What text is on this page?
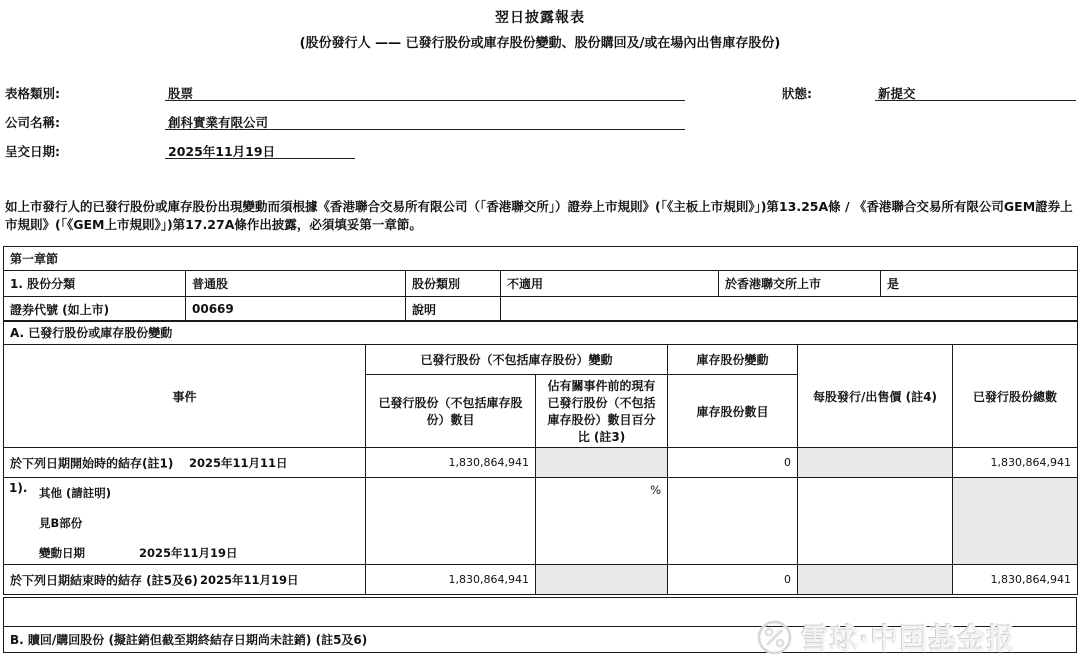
翌日披露報表
(股份發行人 —— 已發行股份或庫存股份變動、股份購回及/或在場內出售庫存股份)
表格類別:	股票	狀態:	新提交
公司名稱:	創科實業有限公司
呈交日期:	2025年11月19日
如上市發行人的已發行股份或庫存股份出現變動而須根據《香港聯合交易所有限公司（「香港聯交所」）證券上市規則》(「《主板上市規則》」)第13.25A條 / 《香港聯合交易所有限公司GEM證券上市規則》(「《GEM上市規則》」)第17.27A條作出披露，必須填妥第一章節。
第一章節					
1. 股份分類	普通股	股份類別	不適用	於香港聯交所上市	是
證券代號 (如上市)	00669	說明			
A. 已發行股份或庫存股份變動					
事件	已發行股份（不包括庫存股份）變動		庫存股份變動	每股發行/出售價 (註4)	已發行股份總數
	已發行股份（不包括庫存股份）數目	佔有關事件前的現有已發行股份（不包括庫存股份）數目百分比 (註3)	庫存股份數目		

於下列日期開始時的結存(註1) 2025年11月11日	1,830,864,941		0		1,830,864,941

1). 其他 (請註明)
見B部份
變動日期 2025年11月19日		%			

於下列日期結束時的結存 (註5及6) 2025年11月19日	1,830,864,941		0		1,830,864,941
B. 贖回/購回股份 (擬註銷但截至期終結存日期尚未註銷) (註5及6)	雪球·中国基金报
